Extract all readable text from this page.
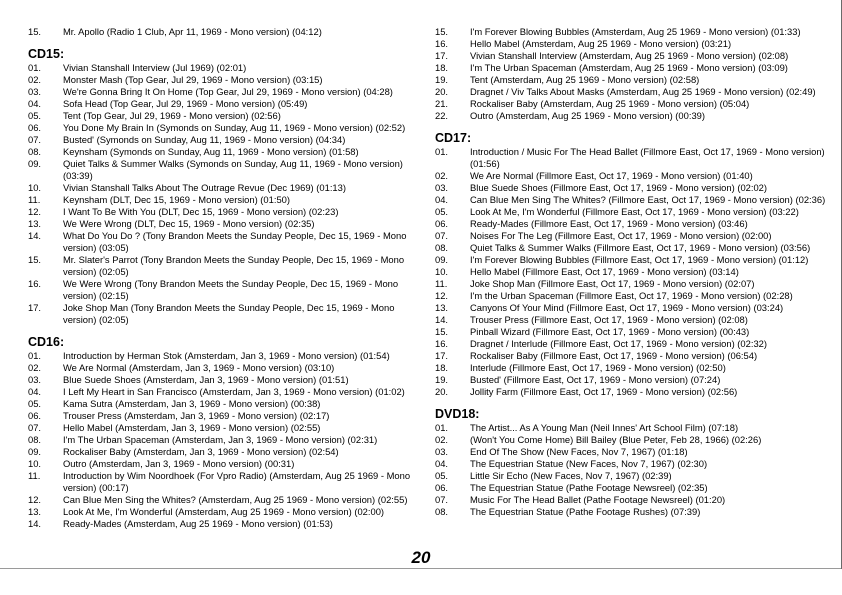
15. Mr. Apollo (Radio 1 Club, Apr 11, 1969 - Mono version) (04:12)
CD15:
01. Vivian Stanshall Interview (Jul 1969) (02:01)
02. Monster Mash (Top Gear, Jul 29, 1969 - Mono version) (03:15)
03. We're Gonna Bring It On Home (Top Gear, Jul 29, 1969 - Mono version) (04:28)
04. Sofa Head (Top Gear, Jul 29, 1969 - Mono version) (05:49)
05. Tent (Top Gear, Jul 29, 1969 - Mono version) (02:56)
06. You Done My Brain In (Symonds on Sunday, Aug 11, 1969 - Mono version) (02:52)
07. Busted' (Symonds on Sunday, Aug 11, 1969 - Mono version) (04:34)
08. Keynsham (Symonds on Sunday, Aug 11, 1969 - Mono version) (01:58)
09. Quiet Talks & Summer Walks (Symonds on Sunday, Aug 11, 1969 - Mono version) (03:39)
10. Vivian Stanshall Talks About The Outrage Revue (Dec 1969) (01:13)
11. Keynsham (DLT, Dec 15, 1969 - Mono version) (01:50)
12. I Want To Be With You (DLT, Dec 15, 1969 - Mono version) (02:23)
13. We Were Wrong (DLT, Dec 15, 1969 - Mono version) (02:35)
14. What Do You Do ? (Tony Brandon Meets the Sunday People, Dec 15, 1969 - Mono version) (03:05)
15. Mr. Slater's Parrot (Tony Brandon Meets the Sunday People, Dec 15, 1969 - Mono version) (02:05)
16. We Were Wrong (Tony Brandon Meets the Sunday People, Dec 15, 1969 - Mono version) (02:15)
17. Joke Shop Man (Tony Brandon Meets the Sunday People, Dec 15, 1969 - Mono version) (02:05)
CD16:
01. Introduction by Herman Stok (Amsterdam, Jan 3, 1969 - Mono version) (01:54)
02. We Are Normal (Amsterdam, Jan 3, 1969 - Mono version) (03:10)
03. Blue Suede Shoes (Amsterdam, Jan 3, 1969 - Mono version) (01:51)
04. I Left My Heart in San Francisco (Amsterdam, Jan 3, 1969 - Mono version) (01:02)
05. Kama Sutra (Amsterdam, Jan 3, 1969 - Mono version) (00:38)
06. Trouser Press (Amsterdam, Jan 3, 1969 - Mono version) (02:17)
07. Hello Mabel (Amsterdam, Jan 3, 1969 - Mono version) (02:55)
08. I'm The Urban Spaceman (Amsterdam, Jan 3, 1969 - Mono version) (02:31)
09. Rockaliser Baby (Amsterdam, Jan 3, 1969 - Mono version) (02:54)
10. Outro (Amsterdam, Jan 3, 1969 - Mono version) (00:31)
11. Introduction by Wim Noordhoek (For Vpro Radio) (Amsterdam, Aug 25 1969 - Mono version) (00:17)
12. Can Blue Men Sing the Whites? (Amsterdam, Aug 25 1969 - Mono version) (02:55)
13. Look At Me, I'm Wonderful (Amsterdam, Aug 25 1969 - Mono version) (02:00)
14. Ready-Mades (Amsterdam, Aug 25 1969 - Mono version) (01:53)
15. I'm Forever Blowing Bubbles (Amsterdam, Aug 25 1969 - Mono version) (01:33)
16. Hello Mabel (Amsterdam, Aug 25 1969 - Mono version) (03:21)
17. Vivian Stanshall Interview (Amsterdam, Aug 25 1969 - Mono version) (02:08)
18. I'm The Urban Spaceman (Amsterdam, Aug 25 1969 - Mono version) (03:09)
19. Tent (Amsterdam, Aug 25 1969 - Mono version) (02:58)
20. Dragnet / Viv Talks About Masks (Amsterdam, Aug 25 1969 - Mono version) (02:49)
21. Rockaliser Baby (Amsterdam, Aug 25 1969 - Mono version) (05:04)
22. Outro (Amsterdam, Aug 25 1969 - Mono version) (00:39)
CD17:
01. Introduction / Music For The Head Ballet (Fillmore East, Oct 17, 1969 - Mono version) (01:56)
02. We Are Normal (Fillmore East, Oct 17, 1969 - Mono version) (01:40)
03. Blue Suede Shoes (Fillmore East, Oct 17, 1969 - Mono version) (02:02)
04. Can Blue Men Sing The Whites? (Fillmore East, Oct 17, 1969 - Mono version) (02:36)
05. Look At Me, I'm Wonderful (Fillmore East, Oct 17, 1969 - Mono version) (03:22)
06. Ready-Mades (Fillmore East, Oct 17, 1969 - Mono version) (03:46)
07. Noises For The Leg (Fillmore East, Oct 17, 1969 - Mono version) (02:00)
08. Quiet Talks & Summer Walks (Fillmore East, Oct 17, 1969 - Mono version) (03:56)
09. I'm Forever Blowing Bubbles (Fillmore East, Oct 17, 1969 - Mono version) (01:12)
10. Hello Mabel (Fillmore East, Oct 17, 1969 - Mono version) (03:14)
11. Joke Shop Man (Fillmore East, Oct 17, 1969 - Mono version) (02:07)
12. I'm the Urban Spaceman (Fillmore East, Oct 17, 1969 - Mono version) (02:28)
13. Canyons Of Your Mind (Fillmore East, Oct 17, 1969 - Mono version) (03:24)
14. Trouser Press (Fillmore East, Oct 17, 1969 - Mono version) (02:08)
15. Pinball Wizard (Fillmore East, Oct 17, 1969 - Mono version) (00:43)
16. Dragnet / Interlude (Fillmore East, Oct 17, 1969 - Mono version) (02:32)
17. Rockaliser Baby (Fillmore East, Oct 17, 1969 - Mono version) (06:54)
18. Interlude (Fillmore East, Oct 17, 1969 - Mono version) (02:50)
19. Busted' (Fillmore East, Oct 17, 1969 - Mono version) (07:24)
20. Jollity Farm (Fillmore East, Oct 17, 1969 - Mono version) (02:56)
DVD18:
01. The Artist... As A Young Man (Neil Innes' Art School Film) (07:18)
02. (Won't You Come Home) Bill Bailey (Blue Peter, Feb 28, 1966) (02:26)
03. End Of The Show (New Faces, Nov 7, 1967) (01:18)
04. The Equestrian Statue (New Faces, Nov 7, 1967) (02:30)
05. Little Sir Echo (New Faces, Nov 7, 1967) (02:39)
06. The Equestrian Statue (Pathe Footage Newsreel) (02:35)
07. Music For The Head Ballet (Pathe Footage Newsreel) (01:20)
08. The Equestrian Statue (Pathe Footage Rushes) (07:39)
20
